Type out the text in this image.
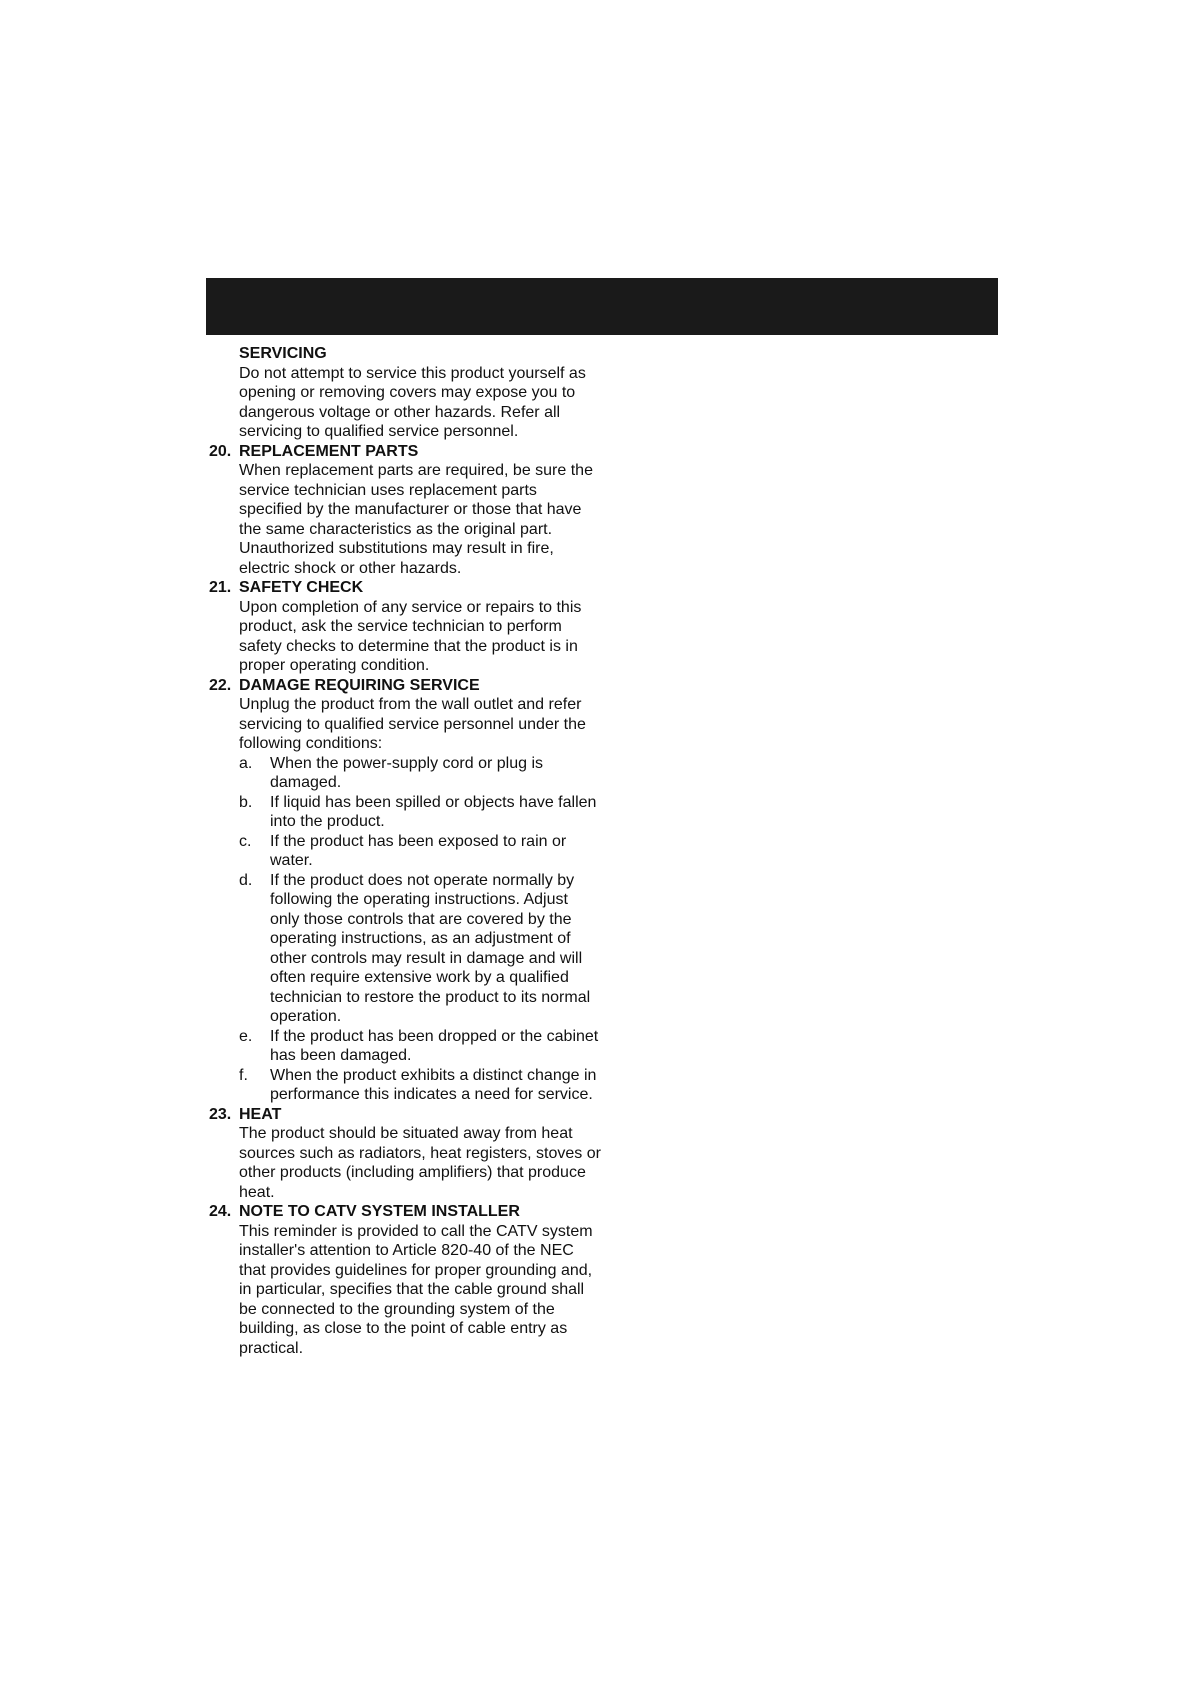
SERVICING
Do not attempt to service this product yourself as opening or removing covers may expose you to dangerous voltage or other hazards. Refer all servicing to qualified service personnel.
20. REPLACEMENT PARTS
When replacement parts are required, be sure the service technician uses replacement parts specified by the manufacturer or those that have the same characteristics as the original part. Unauthorized substitutions may result in fire, electric shock or other hazards.
21. SAFETY CHECK
Upon completion of any service or repairs to this product, ask the service technician to perform safety checks to determine that the product is in proper operating condition.
22. DAMAGE REQUIRING SERVICE
Unplug the product from the wall outlet and refer servicing to qualified service personnel under the following conditions:
a. When the power-supply cord or plug is damaged.
b. If liquid has been spilled or objects have fallen into the product.
c. If the product has been exposed to rain or water.
d. If the product does not operate normally by following the operating instructions. Adjust only those controls that are covered by the operating instructions, as an adjustment of other controls may result in damage and will often require extensive work by a qualified technician to restore the product to its normal operation.
e. If the product has been dropped or the cabinet has been damaged.
f. When the product exhibits a distinct change in performance this indicates a need for service.
23. HEAT
The product should be situated away from heat sources such as radiators, heat registers, stoves or other products (including amplifiers) that produce heat.
24. NOTE TO CATV SYSTEM INSTALLER
This reminder is provided to call the CATV system installer's attention to Article 820-40 of the NEC that provides guidelines for proper grounding and, in particular, specifies that the cable ground shall be connected to the grounding system of the building, as close to the point of cable entry as practical.
